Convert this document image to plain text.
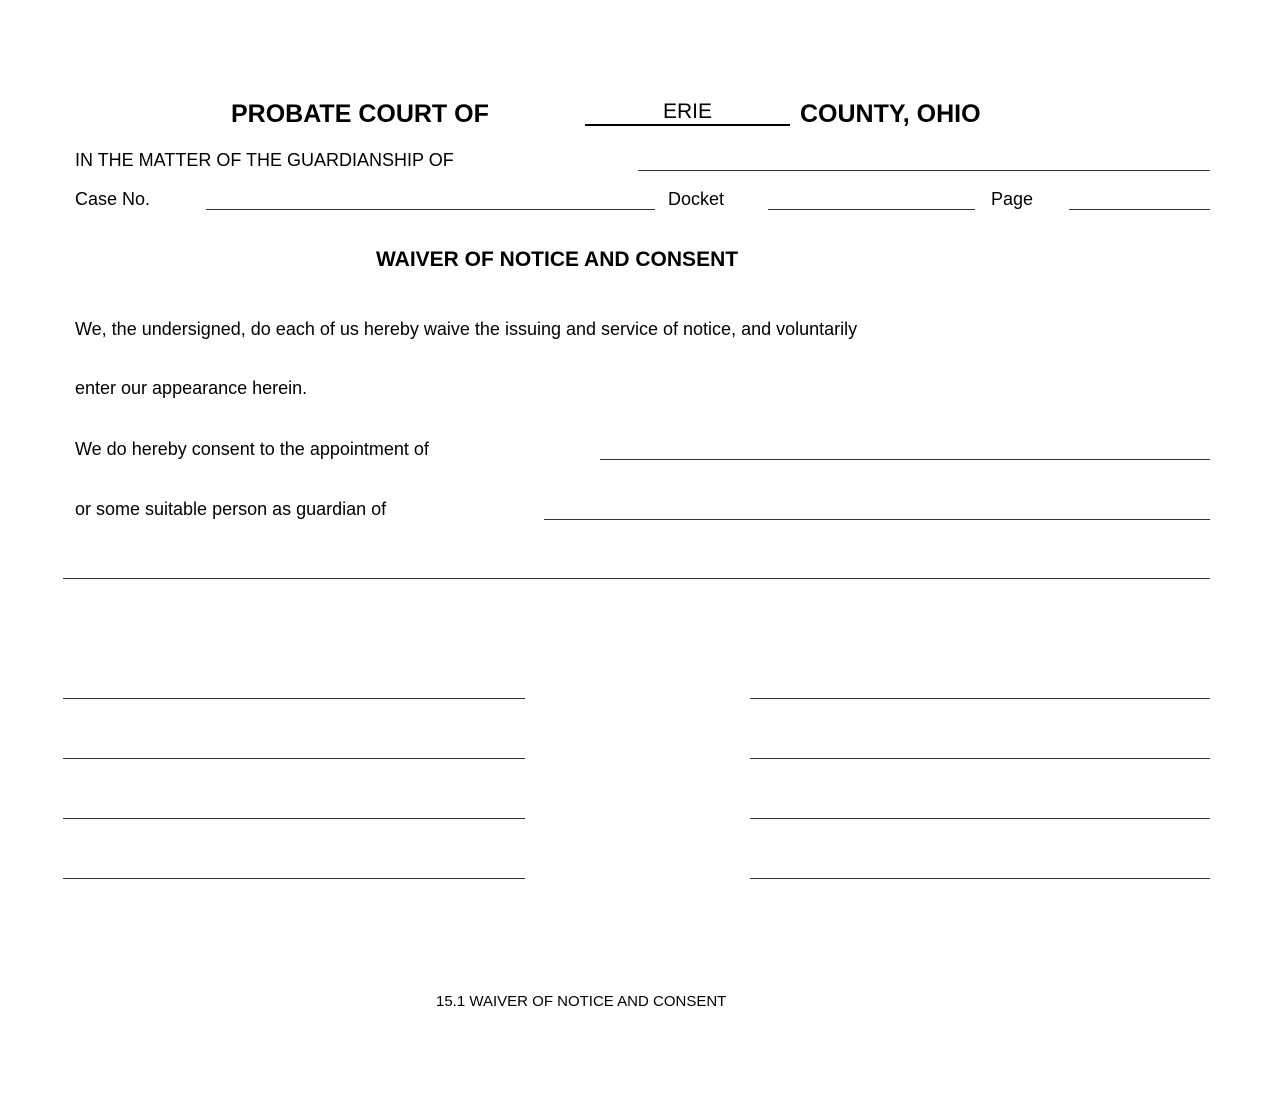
PROBATE COURT OF	ERIE	COUNTY, OHIO
IN THE MATTER OF THE GUARDIANSHIP OF
Case No.	Docket	Page
WAIVER OF NOTICE AND CONSENT
We, the undersigned, do each of us hereby waive the issuing and service of notice, and voluntarily
enter our appearance herein.
We do hereby consent to the appointment of
or some suitable person as guardian of
15.1 WAIVER OF NOTICE AND CONSENT
